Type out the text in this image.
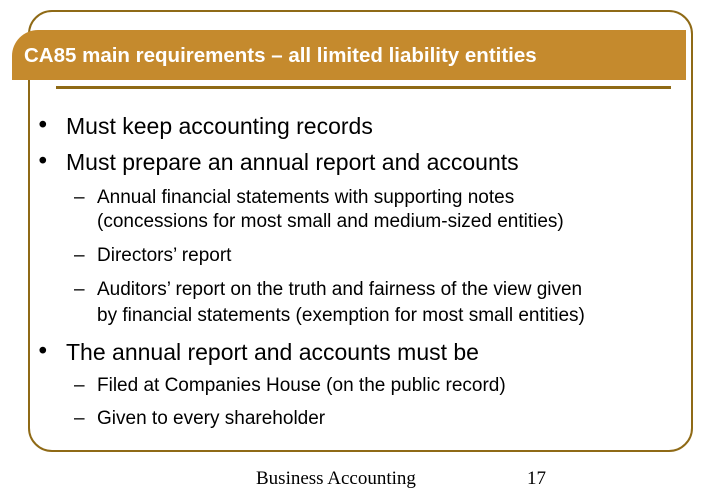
CA85 main requirements – all limited liability entities
• Must keep accounting records
• Must prepare an annual report and accounts
– Annual financial statements with supporting notes
(concessions for most small and medium-sized entities)
– Directors’ report
– Auditors’ report on the truth and fairness of the view given
by financial statements (exemption for most small entities)
• The annual report and accounts must be
– Filed at Companies House (on the public record)
– Given to every shareholder
Business Accounting	17
